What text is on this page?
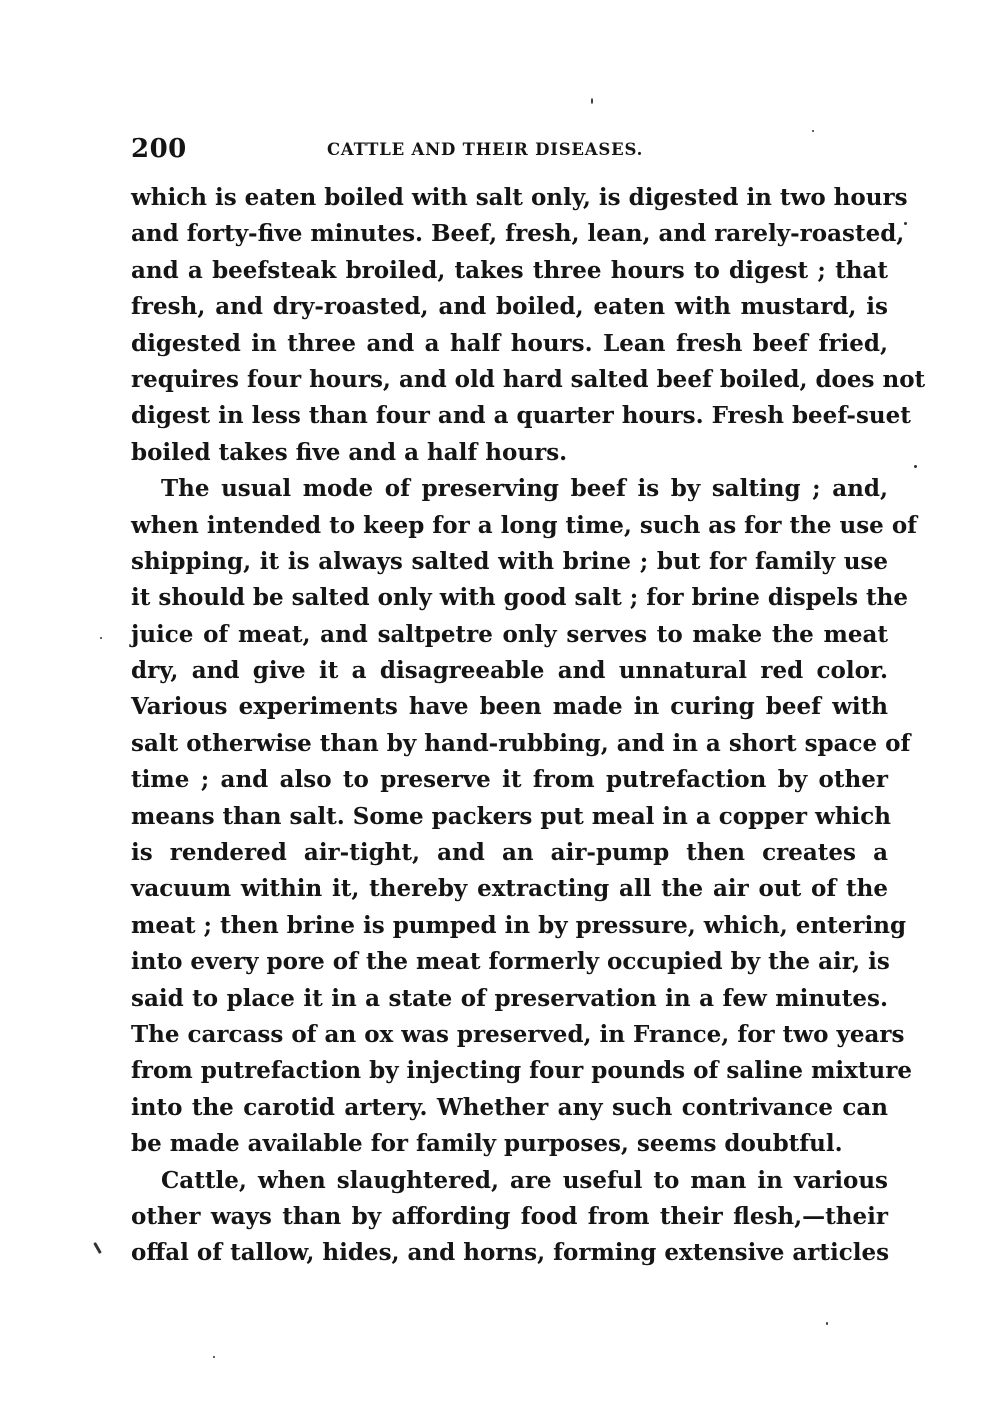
200	CATTLE AND THEIR DISEASES.
which is eaten boiled with salt only, is digested in two hours
and forty-five minutes. Beef, fresh, lean, and rarely-roasted,
and a beefsteak broiled, takes three hours to digest ; that
fresh, and dry-roasted, and boiled, eaten with mustard, is
digested in three and a half hours. Lean fresh beef fried,
requires four hours, and old hard salted beef boiled, does not
digest in less than four and a quarter hours. Fresh beef-suet
boiled takes five and a half hours.
The usual mode of preserving beef is by salting ; and,
when intended to keep for a long time, such as for the use of
shipping, it is always salted with brine ; but for family use
it should be salted only with good salt ; for brine dispels the
juice of meat, and saltpetre only serves to make the meat
dry, and give it a disagreeable and unnatural red color.
Various experiments have been made in curing beef with
salt otherwise than by hand-rubbing, and in a short space of
time ; and also to preserve it from putrefaction by other
means than salt. Some packers put meal in a copper which
is rendered air-tight, and an air-pump then creates a
vacuum within it, thereby extracting all the air out of the
meat ; then brine is pumped in by pressure, which, entering
into every pore of the meat formerly occupied by the air, is
said to place it in a state of preservation in a few minutes.
The carcass of an ox was preserved, in France, for two years
from putrefaction by injecting four pounds of saline mixture
into the carotid artery. Whether any such contrivance can
be made available for family purposes, seems doubtful.
Cattle, when slaughtered, are useful to man in various
other ways than by affording food from their flesh,—their
offal of tallow, hides, and horns, forming extensive articles
